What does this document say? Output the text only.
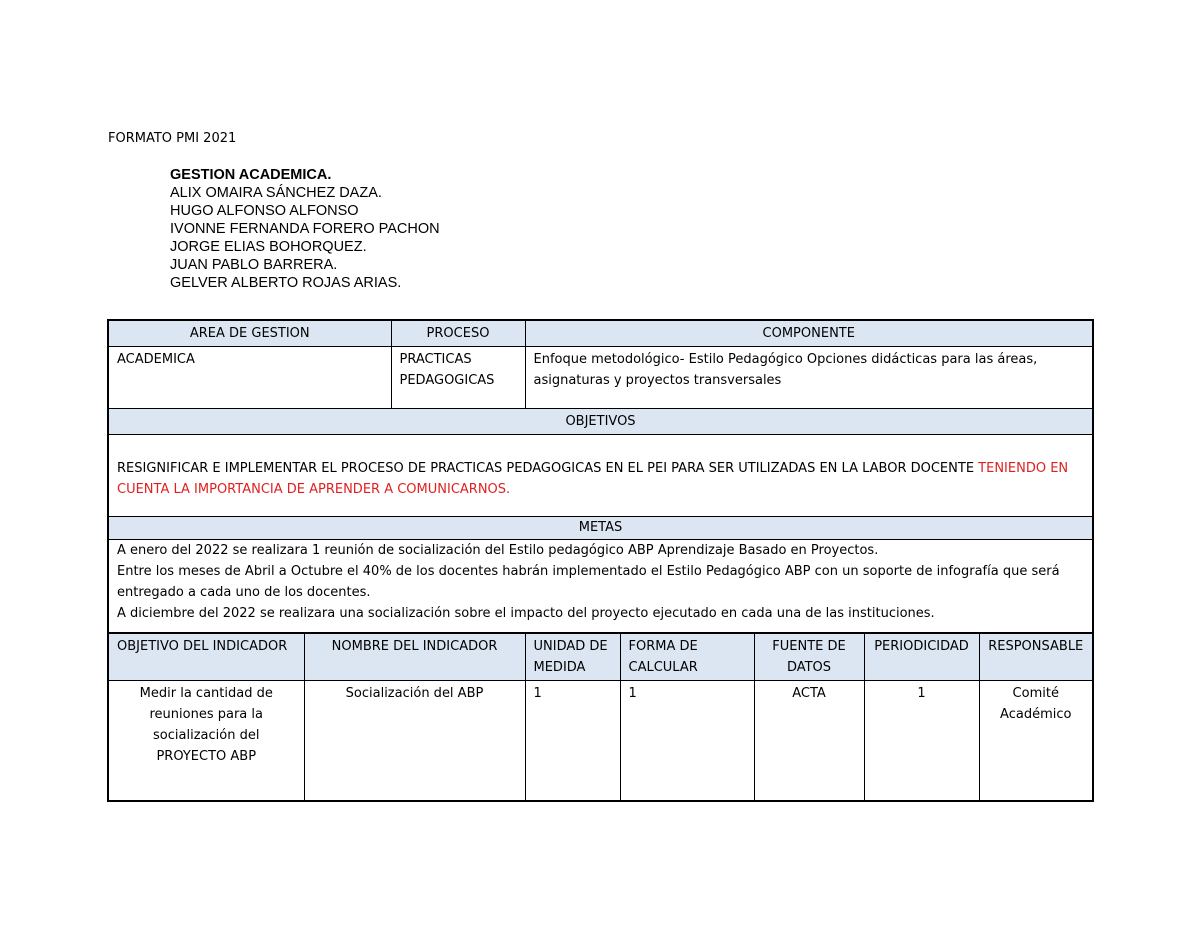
FORMATO PMI 2021
GESTION ACADEMICA.
ALIX OMAIRA SÁNCHEZ DAZA.
HUGO ALFONSO ALFONSO
IVONNE FERNANDA FORERO PACHON
JORGE ELIAS BOHORQUEZ.
JUAN PABLO BARRERA.
GELVER ALBERTO ROJAS ARIAS.
AREA DE GESTION	PROCESO	COMPONENTE
ACADEMICA	PRACTICAS PEDAGOGICAS	Enfoque metodológico- Estilo Pedagógico Opciones didácticas para las áreas, asignaturas y proyectos transversales
OBJETIVOS		
RESIGNIFICAR E IMPLEMENTAR EL PROCESO DE PRACTICAS PEDAGOGICAS EN EL PEI PARA SER UTILIZADAS EN LA LABOR DOCENTE TENIENDO EN CUENTA LA IMPORTANCIA DE APRENDER A COMUNICARNOS.		
METAS		

A enero del 2022 se realizara 1 reunión de socialización del Estilo pedagógico ABP Aprendizaje Basado en Proyectos.
Entre los meses de Abril a Octubre el 40% de los docentes habrán implementado el Estilo Pedagógico ABP con un soporte de infografía que será entregado a cada uno de los docentes.
A diciembre del 2022 se realizara una socialización sobre el impacto del proyecto ejecutado en cada una de las instituciones.		
OBJETIVO DEL INDICADOR	NOMBRE DEL INDICADOR	UNIDAD DE MEDIDA	FORMA DE CALCULAR	FUENTE DE DATOS	PERIODICIDAD	RESPONSABLE
Medir la cantidad de reuniones para la socialización del PROYECTO ABP	Socialización del ABP	1	1	ACTA	1	Comité Académico
